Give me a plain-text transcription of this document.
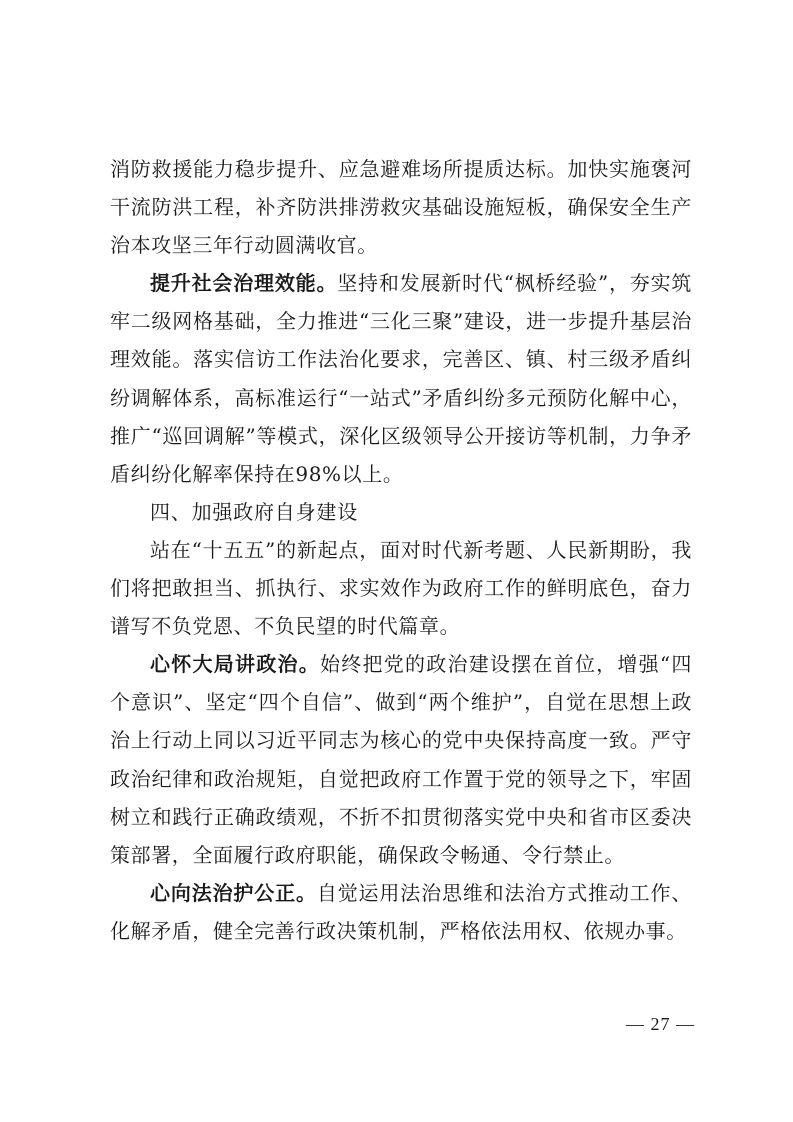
消防救援能力稳步提升、应急避难场所提质达标。加快实施褒河干流防洪工程，补齐防洪排涝救灾基础设施短板，确保安全生产治本攻坚三年行动圆满收官。

提升社会治理效能。坚持和发展新时代“枫桥经验”，夯实筑牢二级网格基础，全力推进“三化三聚”建设，进一步提升基层治理效能。落实信访工作法治化要求，完善区、镇、村三级矛盾纠纷调解体系，高标准运行“一站式”矛盾纠纷多元预防化解中心，推广“巡回调解”等模式，深化区级领导公开接访等机制，力争矛盾纠纷化解率保持在98%以上。

四、加强政府自身建设

站在“十五五”的新起点，面对时代新考题、人民新期盼，我们将把敢担当、抓执行、求实效作为政府工作的鲜明底色，奋力谱写不负党恩、不负民望的时代篇章。

心怀大局讲政治。始终把党的政治建设摆在首位，增强“四个意识”、坚定“四个自信”、做到“两个维护”，自觉在思想上政治上行动上同以习近平同志为核心的党中央保持高度一致。严守政治纪律和政治规矩，自觉把政府工作置于党的领导之下，牢固树立和践行正确政绩观，不折不扣贯彻落实党中央和省市区委决策部署，全面履行政府职能，确保政令畅通、令行禁止。

心向法治护公正。自觉运用法治思维和法治方式推动工作、化解矛盾，健全完善行政决策机制，严格依法用权、依规办事。

— 27 —
